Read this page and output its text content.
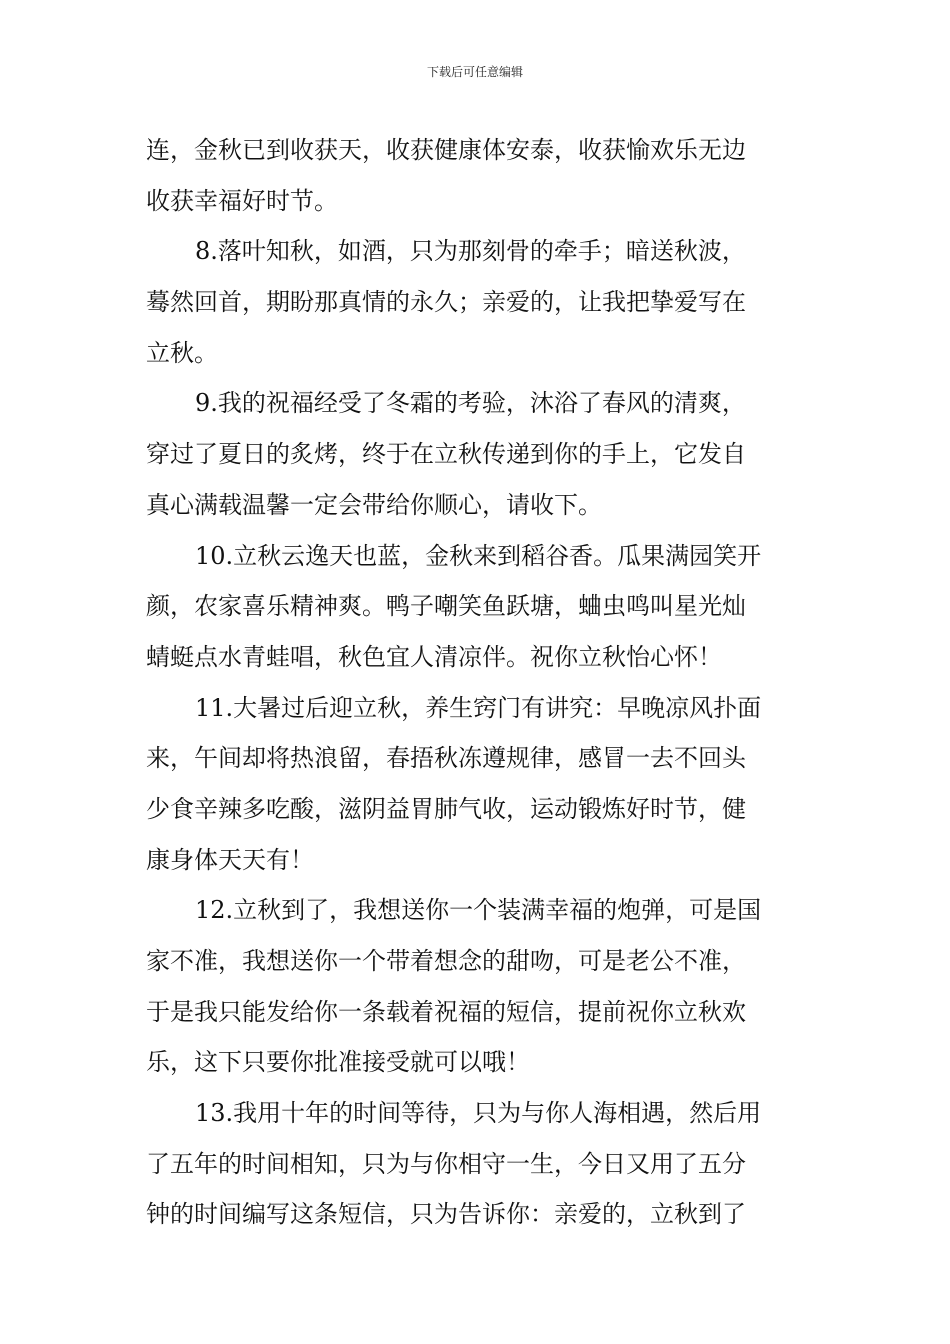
下载后可任意编辑
连，金秋已到收获天，收获健康体安泰，收获愉欢乐无边
收获幸福好时节。
8.落叶知秋，如酒，只为那刻骨的牵手；暗送秋波，
蓦然回首，期盼那真情的永久；亲爱的，让我把挚爱写在
立秋。
9.我的祝福经受了冬霜的考验，沐浴了春风的清爽，
穿过了夏日的炙烤，终于在立秋传递到你的手上，它发自
真心满载温馨一定会带给你顺心，请收下。
10.立秋云逸天也蓝，金秋来到稻谷香。瓜果满园笑开
颜，农家喜乐精神爽。鸭子嘲笑鱼跃塘，蛐虫鸣叫星光灿
蜻蜓点水青蛙唱，秋色宜人清凉伴。祝你立秋怡心怀！
11.大暑过后迎立秋，养生窍门有讲究：早晚凉风扑面
来，午间却将热浪留，春捂秋冻遵规律，感冒一去不回头
少食辛辣多吃酸，滋阴益胃肺气收，运动锻炼好时节，健
康身体天天有！
12.立秋到了，我想送你一个装满幸福的炮弹，可是国
家不准，我想送你一个带着想念的甜吻，可是老公不准，
于是我只能发给你一条载着祝福的短信，提前祝你立秋欢
乐，这下只要你批准接受就可以哦！
13.我用十年的时间等待，只为与你人海相遇，然后用
了五年的时间相知，只为与你相守一生，今日又用了五分
钟的时间编写这条短信，只为告诉你：亲爱的，立秋到了
